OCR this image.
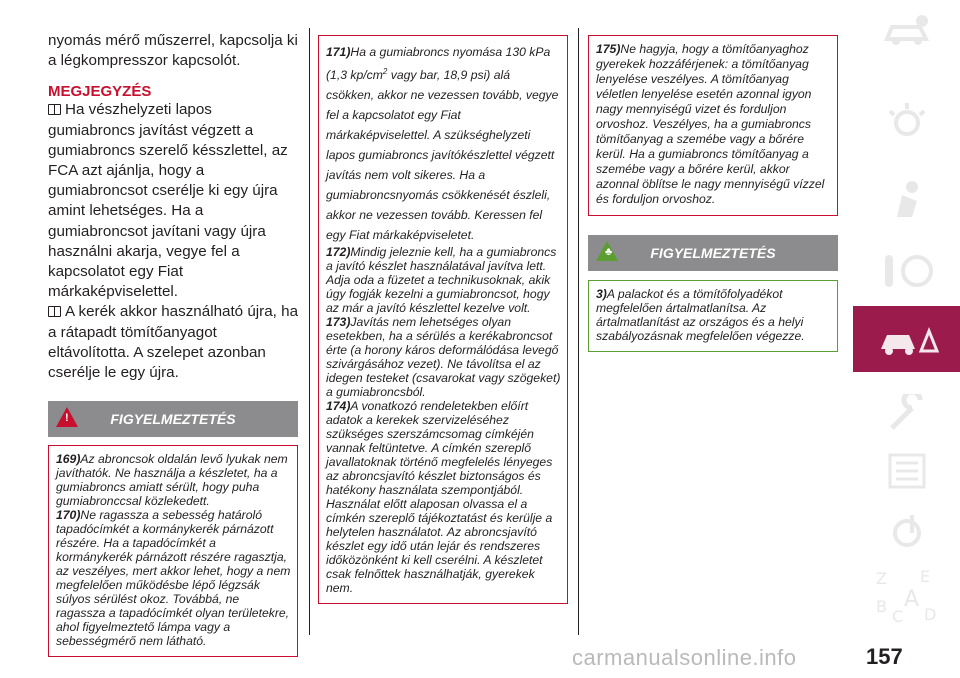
nyomás mérő műszerrel, kapcsolja ki a légkompresszor kapcsolót.

MEGJEGYZÉS

Ha vészhelyzeti lapos gumiabroncs javítást végzett a gumiabroncs szerelő késszlettel, az FCA azt ajánlja, hogy a gumiabroncsot cserélje ki egy újra amint lehetséges. Ha a gumiabroncsot javítani vagy újra használni akarja, vegye fel a kapcsolatot egy Fiat márkaképviselettel.

A kerék akkor használható újra, ha a rátapadt tömítőanyagot eltávolította. A szelepet azonban cserélje le egy újra.

!	FIGYELMEZTETÉS

169)Az abroncsok oldalán levő lyukak nem javíthatók. Ne használja a készletet, ha a gumiabroncs amiatt sérült, hogy puha gumiabronccsal közlekedett.

170)Ne ragassza a sebesség határoló tapadócímkét a kormánykerék párnázott részére. Ha a tapadócímkét a kormánykerék párnázott részére ragasztja, az veszélyes, mert akkor lehet, hogy a nem megfelelően működésbe lépő légzsák súlyos sérülést okoz. Továbbá, ne ragassza a tapadócímkét olyan területekre, ahol figyelmeztető lámpa vagy a sebességmérő nem látható.

171)Ha a gumiabroncs nyomása 130 kPa (1,3 $kp/cm^2$ vagy bar, 18,9 psi) alá csökken, akkor ne vezessen tovább, vegye fel a kapcsolatot egy Fiat márkaképviselettel. A szükséghelyzeti lapos gumiabroncs javítókészlettel végzett javítás nem volt sikeres. Ha a gumiabroncsnyomás csökkenését észleli, akkor ne vezessen tovább. Keressen fel egy Fiat márkaképviseletet.

172)Mindig jeleznie kell, ha a gumiabroncs a javító készlet használatával javítva lett. Adja oda a füzetet a technikusoknak, akik úgy fogják kezelni a gumiabroncsot, hogy az már a javító készlettel kezelve volt.

173)Javítás nem lehetséges olyan esetekben, ha a sérülés a kerékabroncsot érte (a horony káros deformálódása levegő szivárgásához vezet). Ne távolítsa el az idegen testeket (csavarokat vagy szögeket) a gumiabroncsból.

174)A vonatkozó rendeletekben előírt adatok a kerekek szervizeléséhez szükséges szerszámcsomag címkéjén vannak feltüntetve. A címkén szereplő javallatoknak történő megfelelés lényeges az abroncsjavító készlet biztonságos és hatékony használata szempontjából. Használat előtt alaposan olvassa el a címkén szereplő tájékoztatást és kerülje a helytelen használatot. Az abroncsjavító készlet egy idő után lejár és rendszeres időközönként ki kell cserélni. A készletet csak felnőttek használhatják, gyerekek nem.

175)Ne hagyja, hogy a tömítőanyaghoz gyerekek hozzáférjenek: a tömítőanyag lenyelése veszélyes. A tömítőanyag véletlen lenyelése esetén azonnal igyon nagy mennyiségű vizet és forduljon orvoshoz. Veszélyes, ha a gumiabroncs tömítőanyag a szemébe vagy a bőrére kerül. Ha a gumiabroncs tömítőanyag a szemébe vagy a bőrére kerül, akkor azonnal öblítse le nagy mennyiségű vízzel és forduljon orvoshoz.

♣	FIGYELMEZTETÉS

3)A palackot és a tömítőfolyadékot megfelelően ártalmatlanítsa. Az ártalmatlanítást az országos és a helyi szabályozásnak megfelelően végezze.

Z E
B A
C D
carmanualsonline.info	157
